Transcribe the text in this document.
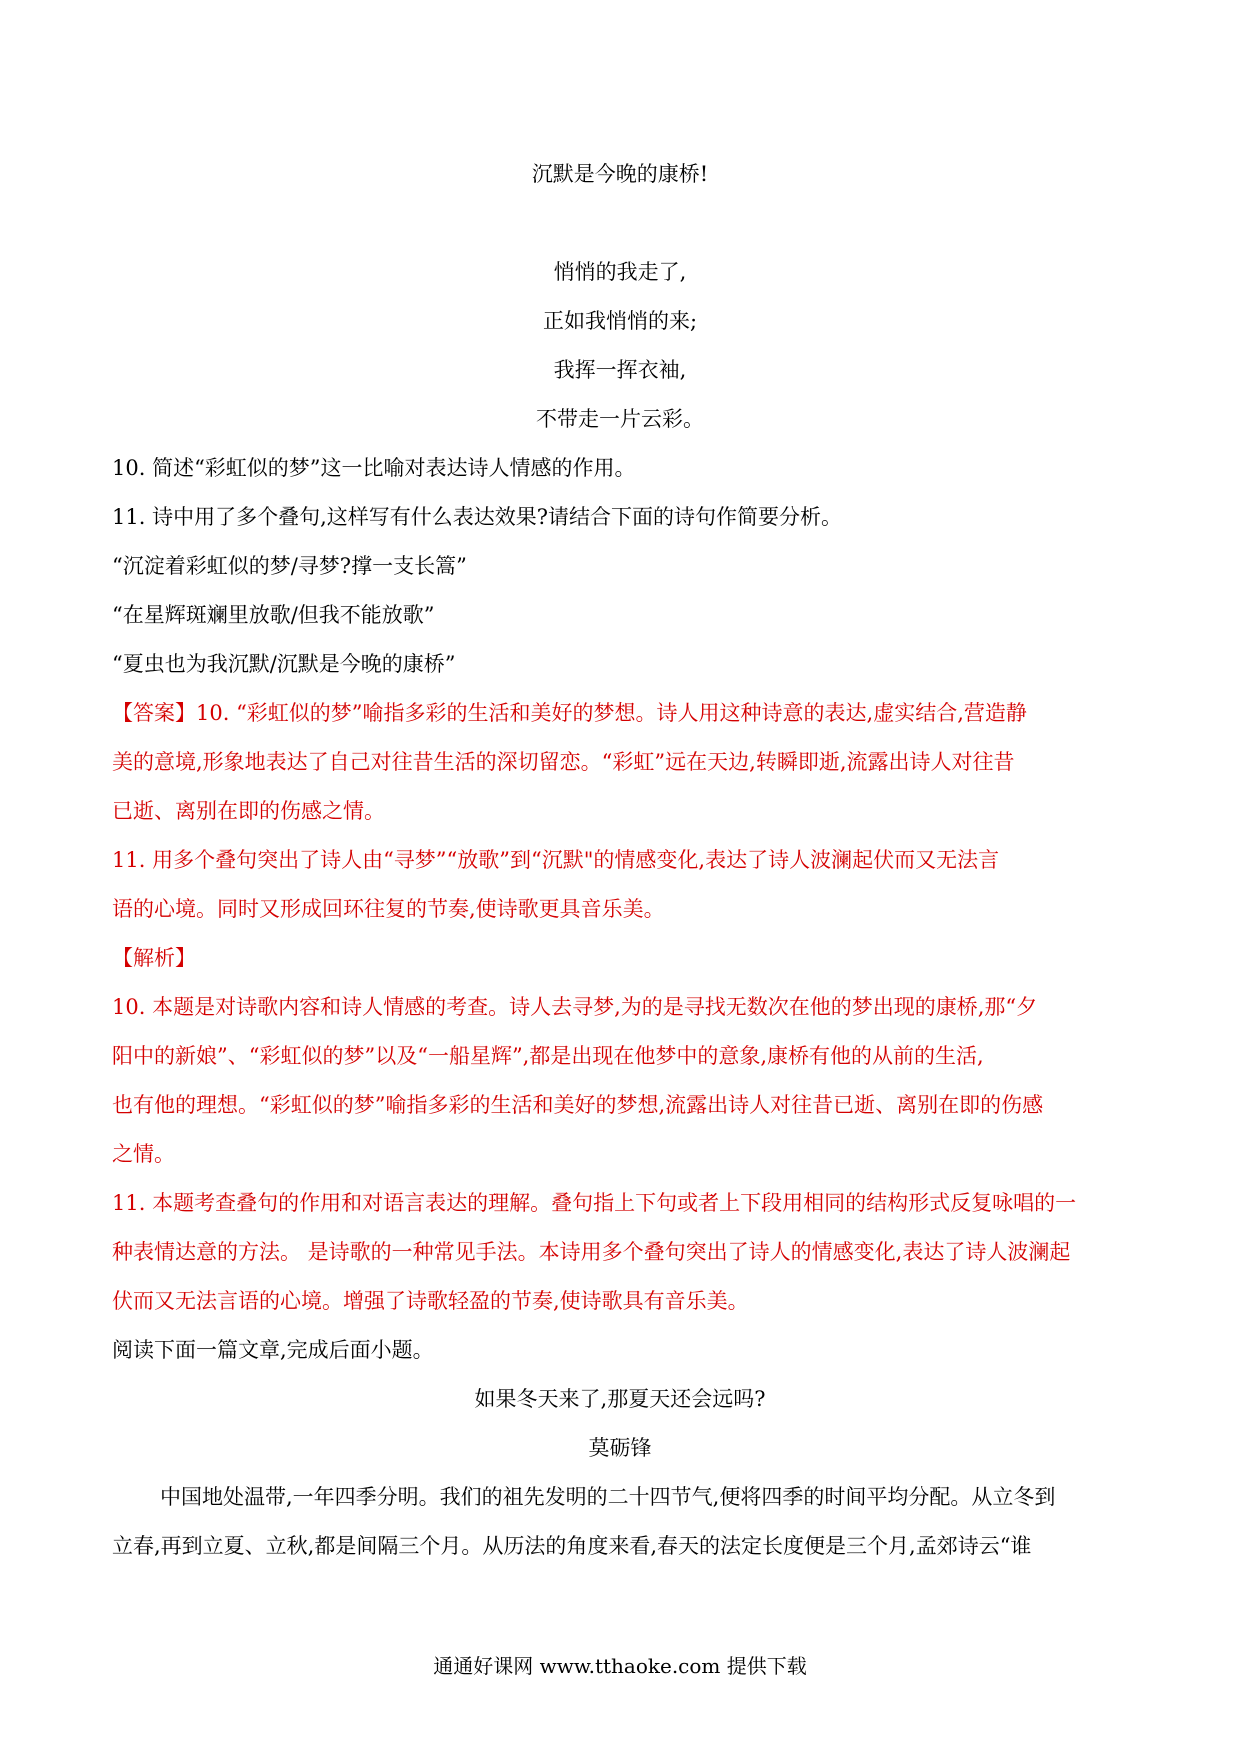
沉默是今晚的康桥!
悄悄的我走了,
正如我悄悄的来;
我挥一挥衣袖,
不带走一片云彩。
10. 简述“彩虹似的梦”这一比喻对表达诗人情感的作用。
11. 诗中用了多个叠句,这样写有什么表达效果?请结合下面的诗句作简要分析。
“沉淀着彩虹似的梦/寻梦?撑一支长篙”
“在星辉斑斓里放歌/但我不能放歌”
“夏虫也为我沉默/沉默是今晚的康桥”
【答案】10. “彩虹似的梦”喻指多彩的生活和美好的梦想。诗人用这种诗意的表达,虚实结合,营造静
美的意境,形象地表达了自己对往昔生活的深切留恋。“彩虹”远在天边,转瞬即逝,流露出诗人对往昔
已逝、离别在即的伤感之情。
11. 用多个叠句突出了诗人由“寻梦”“放歌”到“沉默"的情感变化,表达了诗人波澜起伏而又无法言
语的心境。同时又形成回环往复的节奏,使诗歌更具音乐美。
【解析】
10. 本题是对诗歌内容和诗人情感的考查。诗人去寻梦,为的是寻找无数次在他的梦出现的康桥,那“夕
阳中的新娘”、“彩虹似的梦”以及“一船星辉”,都是出现在他梦中的意象,康桥有他的从前的生活,
也有他的理想。“彩虹似的梦”喻指多彩的生活和美好的梦想,流露出诗人对往昔已逝、离别在即的伤感
之情。
11. 本题考查叠句的作用和对语言表达的理解。叠句指上下句或者上下段用相同的结构形式反复咏唱的一
种表情达意的方法。 是诗歌的一种常见手法。本诗用多个叠句突出了诗人的情感变化,表达了诗人波澜起
伏而又无法言语的心境。增强了诗歌轻盈的节奏,使诗歌具有音乐美。
阅读下面一篇文章,完成后面小题。
如果冬天来了,那夏天还会远吗?
莫砺锋
中国地处温带,一年四季分明。我们的祖先发明的二十四节气,便将四季的时间平均分配。从立冬到
立春,再到立夏、立秋,都是间隔三个月。从历法的角度来看,春天的法定长度便是三个月,孟郊诗云“谁
通通好课网 www.tthaoke.com 提供下载
